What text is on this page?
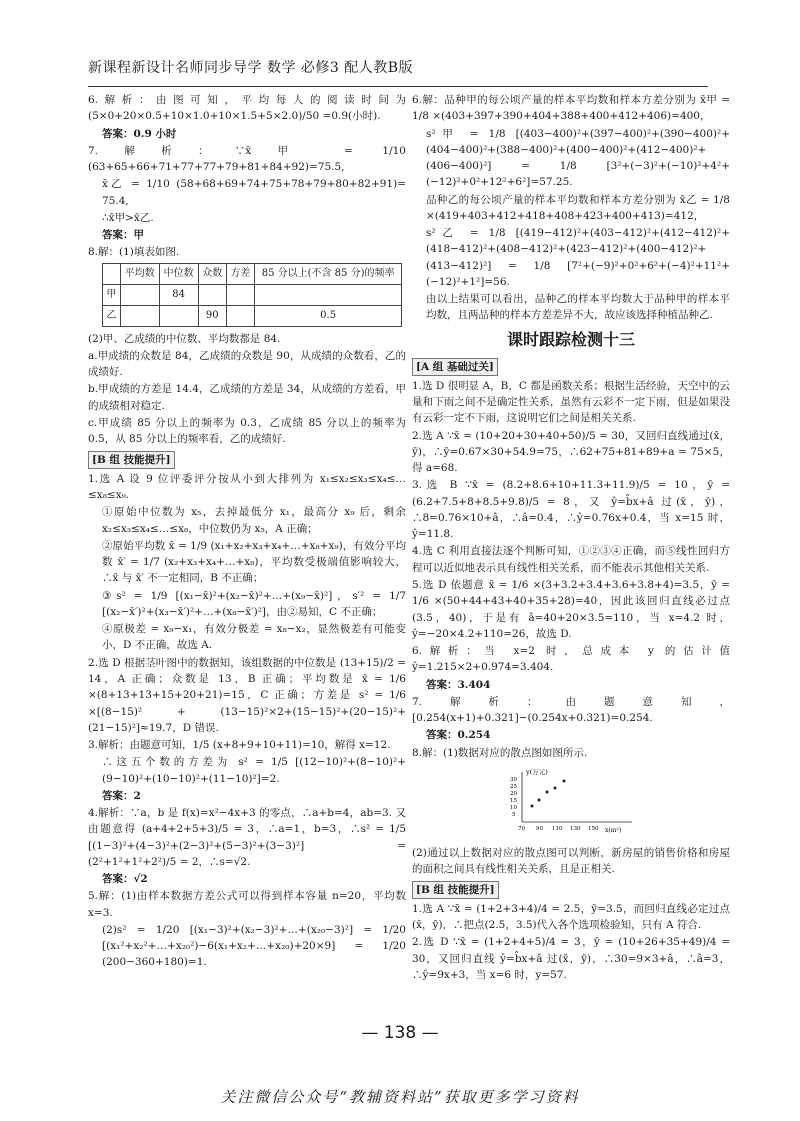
新课程新设计名师同步导学 数学 必修3 配人教B版

6.解析：由图可知，平均每人的阅读时间为 (5×0+20×0.5+10×1.0+10×1.5+5×2.0)/50 =0.9(小时).

答案：0.9 小时

7.解析：∵x̄甲 = 1/10 (63+65+66+71+77+77+79+81+84+92)=75.5,

x̄乙 = 1/10 (58+68+69+74+75+78+79+80+82+91)= 75.4,

∴x̄甲>x̄乙.

答案：甲

8.解：(1)填表如图.

	平均数	中位数	众数	方差	85 分以上(不含 85 分)的频率
甲		84			
乙			90		0.5

(2)甲、乙成绩的中位数、平均数都是 84.

a.甲成绩的众数是 84，乙成绩的众数是 90，从成绩的众数看，乙的成绩好.

b.甲成绩的方差是 14.4，乙成绩的方差是 34，从成绩的方差看，甲的成绩相对稳定.

c.甲成绩 85 分以上的频率为 0.3，乙成绩 85 分以上的频率为 0.5，从 85 分以上的频率看，乙的成绩好.

[B 组 技能提升]

1.选 A 设 9 位评委评分按从小到大排列为 x₁≤x₂≤x₃≤x₄≤…≤x₈≤x₉.

①原始中位数为 x₅，去掉最低分 x₁，最高分 x₉ 后，剩余 x₂≤x₃≤x₄≤…≤x₈，中位数仍为 x₅，A 正确；

②原始平均数 x̄ = 1/9 (x₁+x₂+x₃+x₄+…+x₈+x₉)，有效分平均数 x̄′ = 1/7 (x₂+x₃+x₄+…+x₈)，平均数受极端值影响较大，∴x̄ 与 x̄′ 不一定相同，B 不正确；

③s² = 1/9 [(x₁−x̄)²+(x₂−x̄)²+…+(x₉−x̄)²]，s′² = 1/7 [(x₂−x̄′)²+(x₃−x̄′)²+…+(x₈−x̄′)²]，由②易知，C 不正确；

④原极差 = x₉−x₁，有效分极差 = x₈−x₂，显然极差有可能变小，D 不正确，故选 A.

2.选 D 根据茎叶图中的数据知，该组数据的中位数是 (13+15)/2 = 14，A 正确；众数是 13，B 正确；平均数是 x̄ = 1/6 ×(8+13+13+15+20+21)=15，C 正确；方差是 s² = 1/6 ×[(8−15)² + (13−15)²×2+(15−15)²+(20−15)²+(21−15)²]≈19.7，D 错误.

3.解析：由题意可知，1/5 (x+8+9+10+11)=10，解得 x=12.

∴这五个数的方差为 s² = 1/5 [(12−10)²+(8−10)²+(9−10)²+(10−10)²+(11−10)²]=2.

答案：2

4.解析：∵a，b 是 f(x)=x²−4x+3 的零点，∴a+b=4，ab=3. 又由题意得 (a+4+2+5+3)/5 = 3，∴a=1，b=3，∴s² = 1/5 [(1−3)²+(4−3)²+(2−3)²+(5−3)²+(3−3)²] = (2²+1²+1²+2²)/5 = 2，∴s=√2.

答案：√2

5.解：(1)由样本数据方差公式可以得到样本容量 n=20，平均数 x=3.

(2)s² = 1/20 [(x₁−3)²+(x₂−3)²+…+(x₂₀−3)²] = 1/20 [(x₁²+x₂²+…+x₂₀²)−6(x₁+x₂+…+x₂₀)+20×9] = 1/20 (200−360+180)=1.

6.解：品种甲的每公顷产量的样本平均数和样本方差分别为 x̄甲 = 1/8 ×(403+397+390+404+388+400+412+406)=400，

s²甲 = 1/8 [(403−400)²+(397−400)²+(390−400)²+(404−400)²+(388−400)²+(400−400)²+(412−400)²+(406−400)²] = 1/8 [3²+(−3)²+(−10)²+4²+(−12)²+0²+12²+6²]=57.25.

品种乙的每公顷产量的样本平均数和样本方差分别为 x̄乙 = 1/8 ×(419+403+412+418+408+423+400+413)=412，

s²乙 = 1/8 [(419−412)²+(403−412)²+(412−412)²+(418−412)²+(408−412)²+(423−412)²+(400−412)²+(413−412)²] = 1/8 [7²+(−9)²+0²+6²+(−4)²+11²+(−12)²+1²]=56.

由以上结果可以看出，品种乙的样本平均数大于品种甲的样本平均数，且两品种的样本方差差异不大，故应该选择种植品种乙.

课时跟踪检测十三
[A 组 基础过关]

1.选 D 很明显 A，B，C 都是函数关系；根据生活经验，天空中的云量和下雨之间不是确定性关系，虽然有云彩不一定下雨，但是如果没有云彩一定不下雨，这说明它们之间是相关关系.

2.选 A ∵x̄ = (10+20+30+40+50)/5 = 30，又回归直线通过(x̄，ȳ)，∴ȳ=0.67×30+54.9=75，∴62+75+81+89+a = 75×5，得 a=68.

3.选 B ∵x̄ = (8.2+8.6+10+11.3+11.9)/5 = 10，ȳ = (6.2+7.5+8+8.5+9.8)/5 = 8，又 ŷ=b̂x+â 过(x̄，ȳ)，∴8=0.76×10+â，∴â=0.4，∴ŷ=0.76x+0.4，当 x=15 时，ŷ=11.8.

4.选 C 利用直接法逐个判断可知，①②③④正确，而⑤线性回归方程可以近似地表示具有线性相关关系，而不能表示其他相关关系.

5.选 D 依题意 x̄ = 1/6 ×(3+3.2+3.4+3.6+3.8+4)=3.5，ȳ = 1/6 ×(50+44+43+40+35+28)=40，因此该回归直线必过点(3.5，40)，于是有 â=40+20×3.5=110，当 x=4.2 时，ŷ=−20×4.2+110=26，故选 D.

6.解析：当 x=2 时，总成本 y 的估计值 ŷ=1.215×2+0.974=3.404.

答案：3.404

7.解析：由题意知，[0.254(x+1)+0.321]−(0.254x+0.321)=0.254.

答案：0.254

8.解：(1)数据对应的散点图如图所示.

y(万元)
x(m²)
30
25
20
15
10
5
70 90 110 130 150

(2)通过以上数据对应的散点图可以判断，新房屋的销售价格和房屋的面积之间具有线性相关关系，且是正相关.

[B 组 技能提升]

1.选 A ∵x̄ = (1+2+3+4)/4 = 2.5，ȳ=3.5，而回归直线必定过点(x̄，ȳ)，∴把点(2.5，3.5)代入各个选项检验知，只有 A 符合.

2.选 D ∵x̄ = (1+2+4+5)/4 = 3，ȳ = (10+26+35+49)/4 = 30，又回归直线 ŷ=b̂x+â 过(x̄，ȳ)，∴30=9×3+â，∴â=3，∴ŷ=9x+3，当 x=6 时，y=57.

— 138 —
关注微信公众号“教辅资料站”获取更多学习资料
